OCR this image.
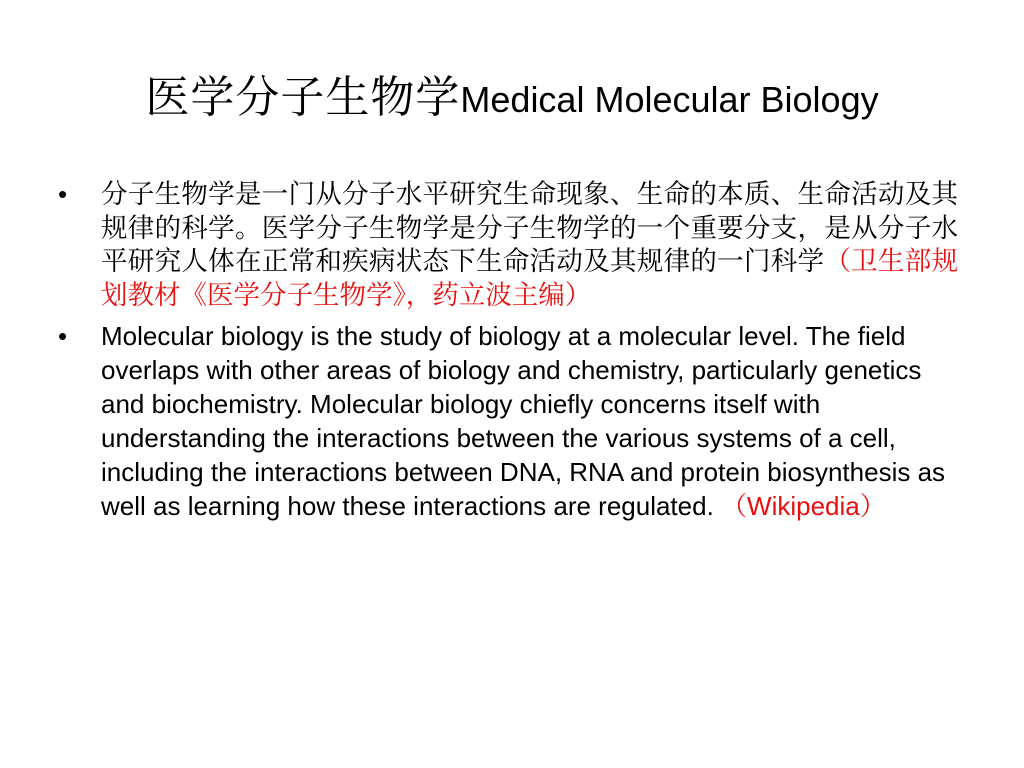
医学分子生物学Medical Molecular Biology
• 分子生物学是一门从分子水平研究生命现象、生命的本质、生命活动及其规律的科学。医学分子生物学是分子生物学的一个重要分支，是从分子水平研究人体在正常和疾病状态下生命活动及其规律的一门科学（卫生部规划教材《医学分子生物学》，药立波主编）
• Molecular biology is the study of biology at a molecular level. The field overlaps with other areas of biology and chemistry, particularly genetics and biochemistry. Molecular biology chiefly concerns itself with understanding the interactions between the various systems of a cell, including the interactions between DNA, RNA and protein biosynthesis as well as learning how these interactions are regulated. （Wikipedia）
